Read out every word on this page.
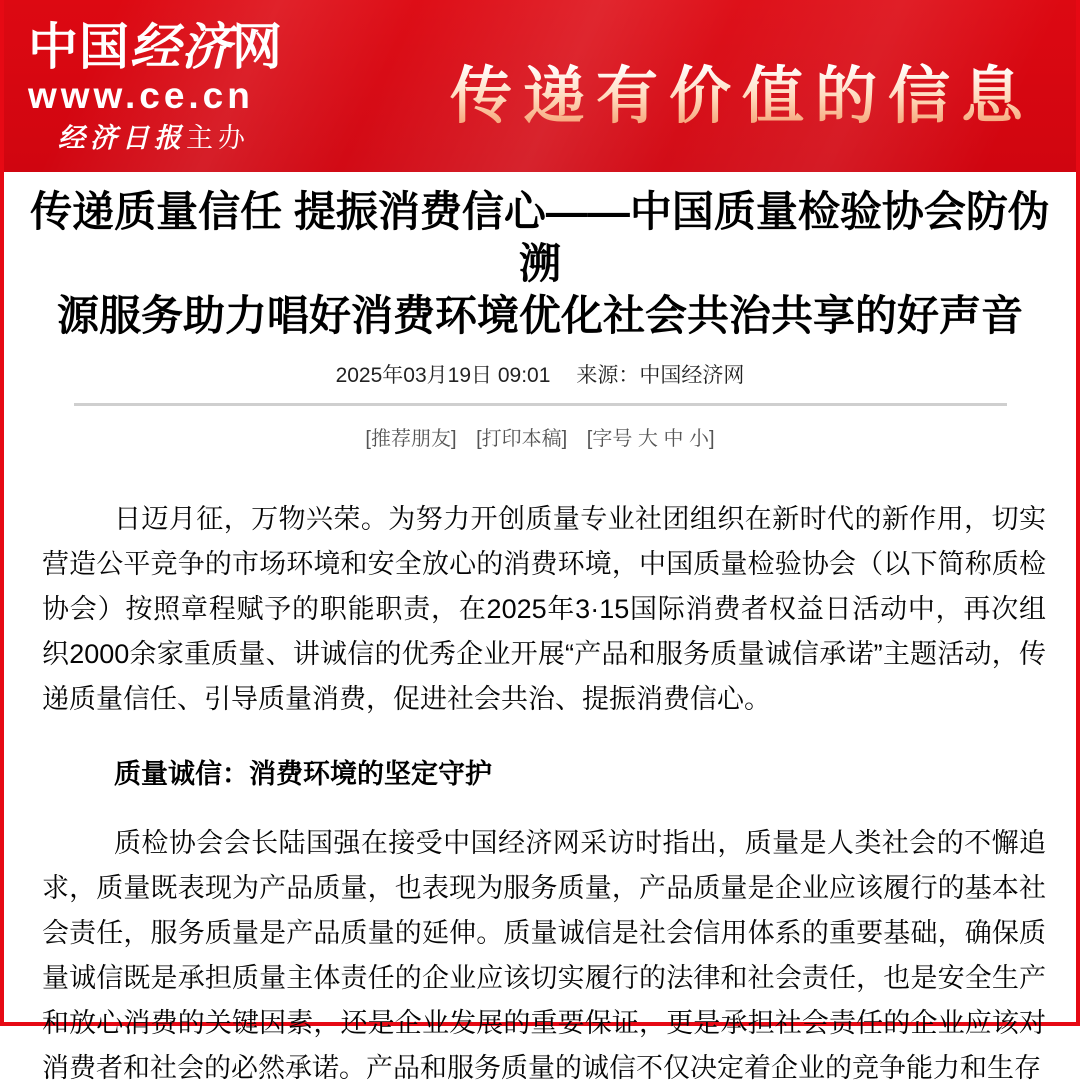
中国经济网
www.ce.cn
经济日报主办
传递有价值的信息
传递质量信任 提振消费信心——中国质量检验协会防伪溯
源服务助力唱好消费环境优化社会共治共享的好声音
2025年03月19日 09:01 来源：中国经济网
[推荐朋友] [打印本稿] [字号 大 中 小]

日迈月征，万物兴荣。为努力开创质量专业社团组织在新时代的新作用，切实营造公平竞争的市场环境和安全放心的消费环境，中国质量检验协会（以下简称质检协会）按照章程赋予的职能职责，在2025年3·15国际消费者权益日活动中，再次组织2000余家重质量、讲诚信的优秀企业开展“产品和服务质量诚信承诺”主题活动，传递质量信任、引导质量消费，促进社会共治、提振消费信心。

质量诚信：消费环境的坚定守护

质检协会会长陆国强在接受中国经济网采访时指出，质量是人类社会的不懈追求，质量既表现为产品质量，也表现为服务质量，产品质量是企业应该履行的基本社会责任，服务质量是产品质量的延伸。质量诚信是社会信用体系的重要基础，确保质量诚信既是承担质量主体责任的企业应该切实履行的法律和社会责任，也是安全生产和放心消费的关键因素，还是企业发展的重要保证，更是承担社会责任的企业应该对消费者和社会的必然承诺。产品和服务质量的诚信不仅决定着企业的竞争能力和生存
